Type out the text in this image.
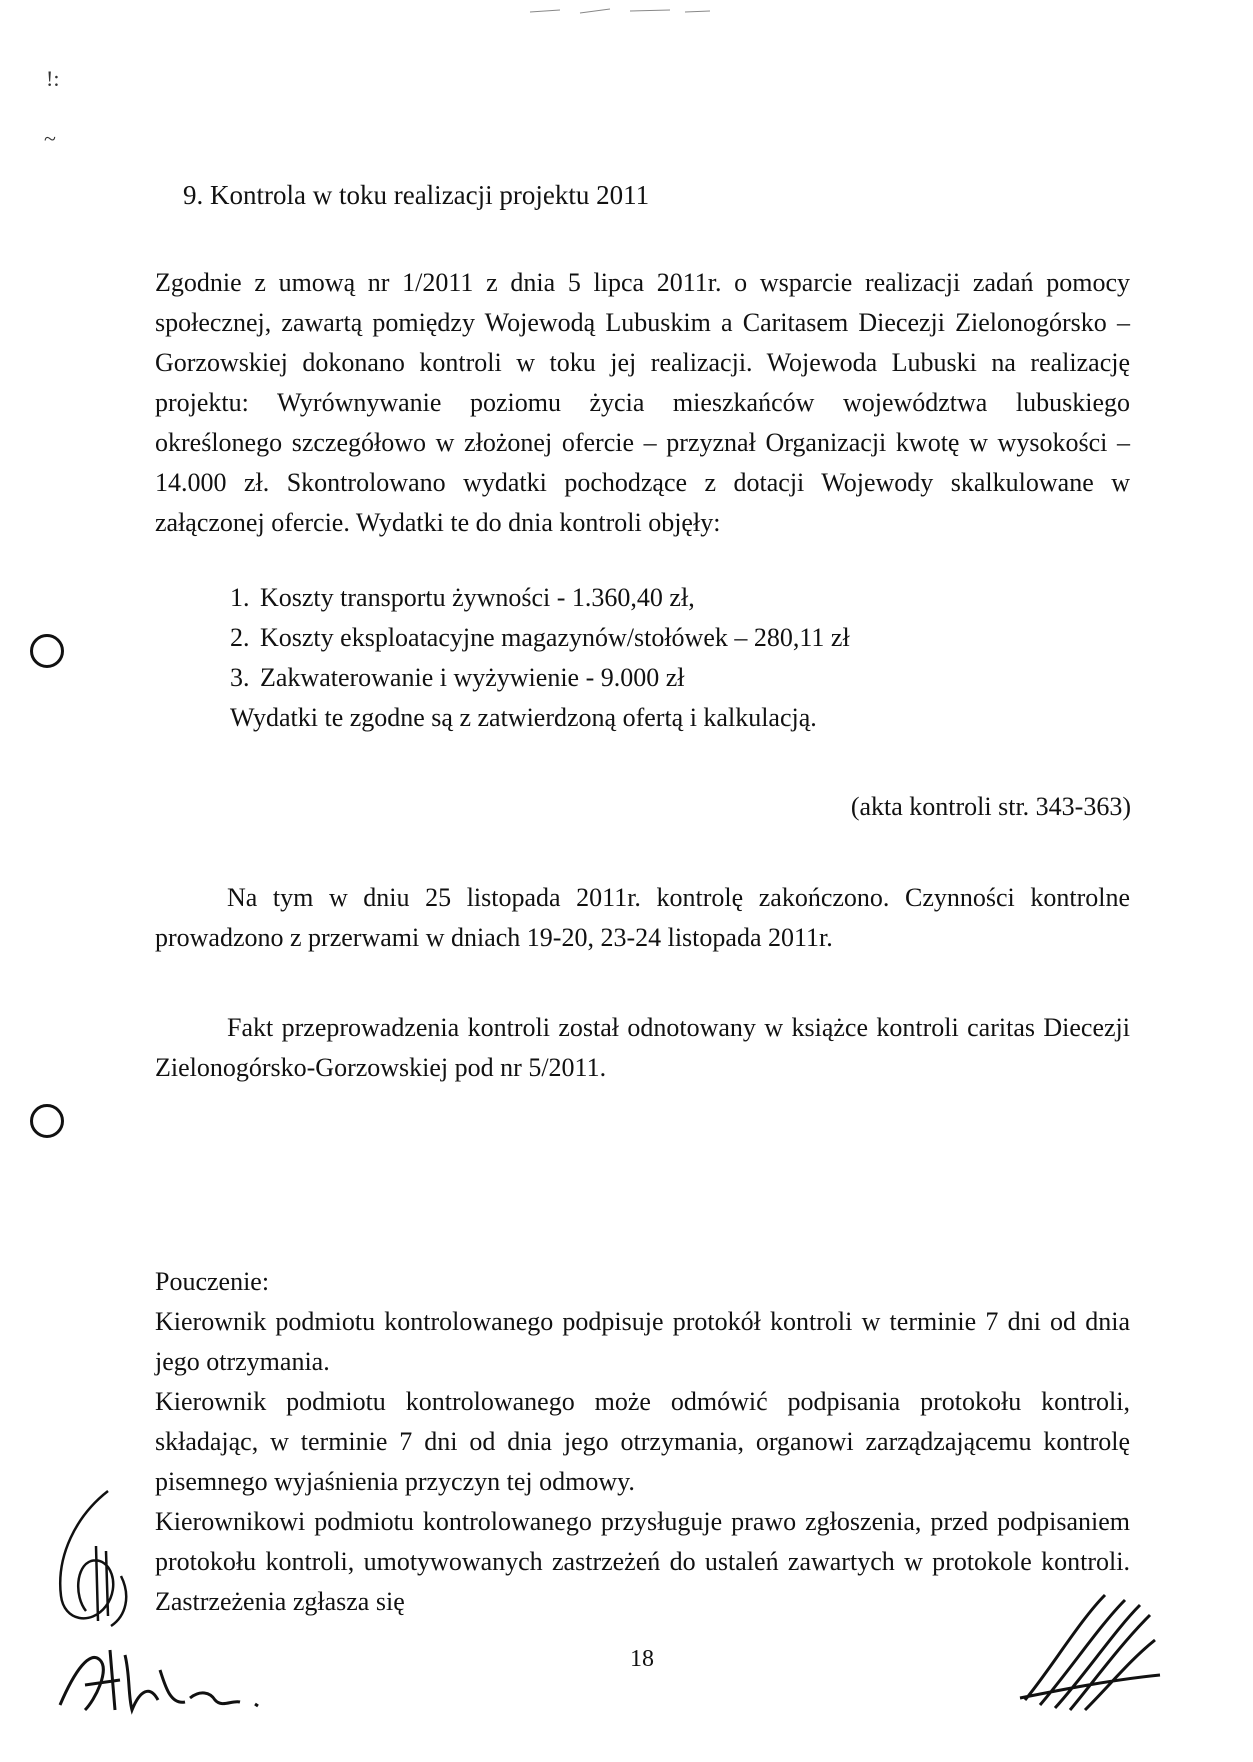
!:
~
9. Kontrola w toku realizacji projektu 2011
Zgodnie z umową nr 1/2011 z dnia 5 lipca 2011r. o wsparcie realizacji zadań pomocy społecznej, zawartą pomiędzy Wojewodą Lubuskim a Caritasem Diecezji Zielonogórsko – Gorzowskiej dokonano kontroli w toku jej realizacji. Wojewoda Lubuski na realizację projektu: Wyrównywanie poziomu życia mieszkańców województwa lubuskiego określonego szczegółowo w złożonej ofercie – przyznał Organizacji kwotę w wysokości – 14.000 zł. Skontrolowano wydatki pochodzące z dotacji Wojewody skalkulowane w załączonej ofercie. Wydatki te do dnia kontroli objęły:
1. Koszty transportu żywności - 1.360,40 zł,
2. Koszty eksploatacyjne magazynów/stołówek – 280,11 zł
3. Zakwaterowanie i wyżywienie - 9.000 zł
Wydatki te zgodne są z zatwierdzoną ofertą i kalkulacją.
(akta kontroli str. 343-363)
Na tym w dniu 25 listopada 2011r. kontrolę zakończono. Czynności kontrolne prowadzono z przerwami w dniach 19-20, 23-24 listopada 2011r.
Fakt przeprowadzenia kontroli został odnotowany w książce kontroli caritas Diecezji Zielonogórsko-Gorzowskiej pod nr 5/2011.
Pouczenie:
Kierownik podmiotu kontrolowanego podpisuje protokół kontroli w terminie 7 dni od dnia jego otrzymania.
Kierownik podmiotu kontrolowanego może odmówić podpisania protokołu kontroli, składając, w terminie 7 dni od dnia jego otrzymania, organowi zarządzającemu kontrolę pisemnego wyjaśnienia przyczyn tej odmowy.
Kierownikowi podmiotu kontrolowanego przysługuje prawo zgłoszenia, przed podpisaniem protokołu kontroli, umotywowanych zastrzeżeń do ustaleń zawartych w protokole kontroli. Zastrzeżenia zgłasza się
18
